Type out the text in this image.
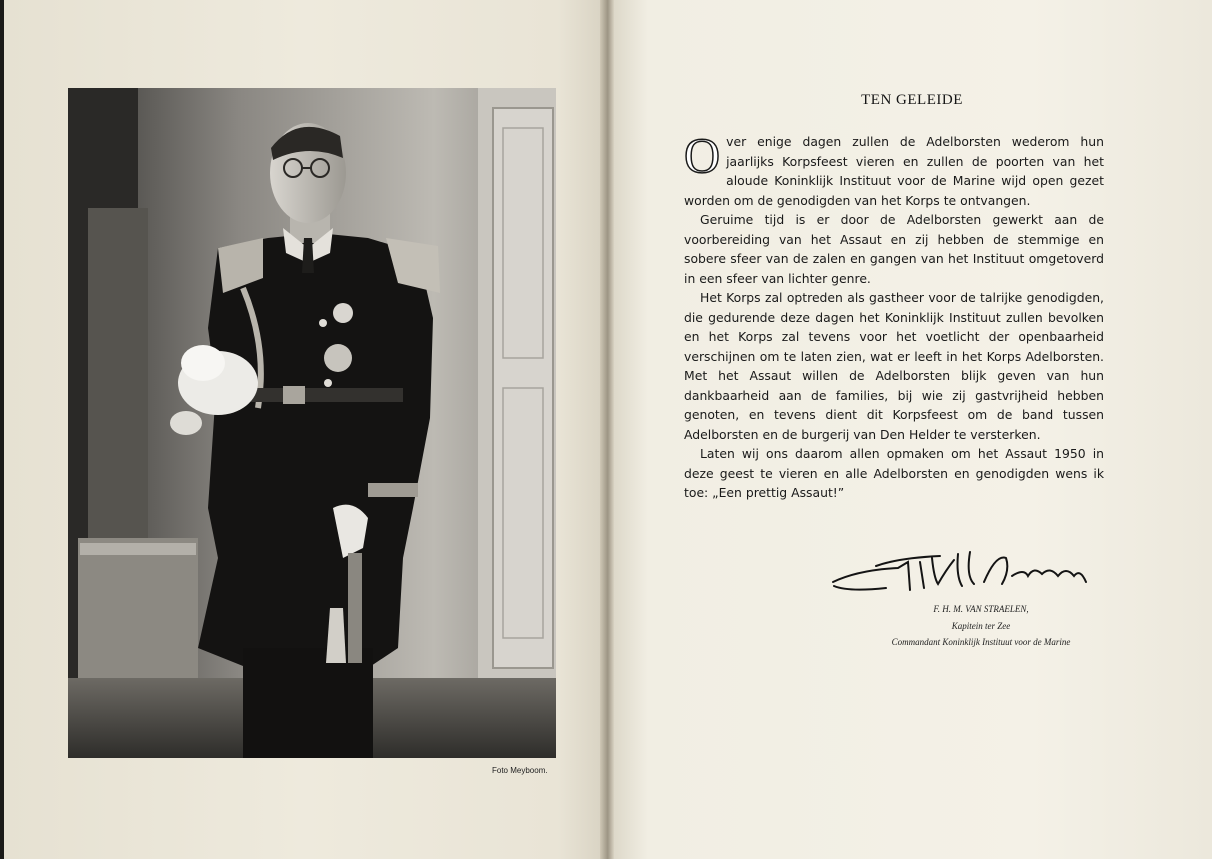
Foto Meyboom.
TEN GELEIDE

Over enige dagen zullen de Adelborsten wederom hun jaarlijks Korpsfeest vieren en zullen de poorten van het aloude Koninklijk Instituut voor de Marine wijd open gezet worden om de genodigden van het Korps te ontvangen.

Geruime tijd is er door de Adelborsten gewerkt aan de voorbereiding van het Assaut en zij hebben de stemmige en sobere sfeer van de zalen en gangen van het Instituut omgetoverd in een sfeer van lichter genre.

Het Korps zal optreden als gastheer voor de talrijke genodigden, die gedurende deze dagen het Koninklijk Instituut zullen bevolken en het Korps zal tevens voor het voetlicht der openbaarheid verschijnen om te laten zien, wat er leeft in het Korps Adelborsten. Met het Assaut willen de Adelborsten blijk geven van hun dankbaarheid aan de families, bij wie zij gastvrijheid hebben genoten, en tevens dient dit Korpsfeest om de band tussen Adelborsten en de burgerij van Den Helder te versterken.

Laten wij ons daarom allen opmaken om het Assaut 1950 in deze geest te vieren en alle Adelborsten en genodigden wens ik toe: „Een prettig Assaut!”

F. H. M. VAN STRAELEN,
Kapitein ter Zee
Commandant Koninklijk Instituut voor de Marine
